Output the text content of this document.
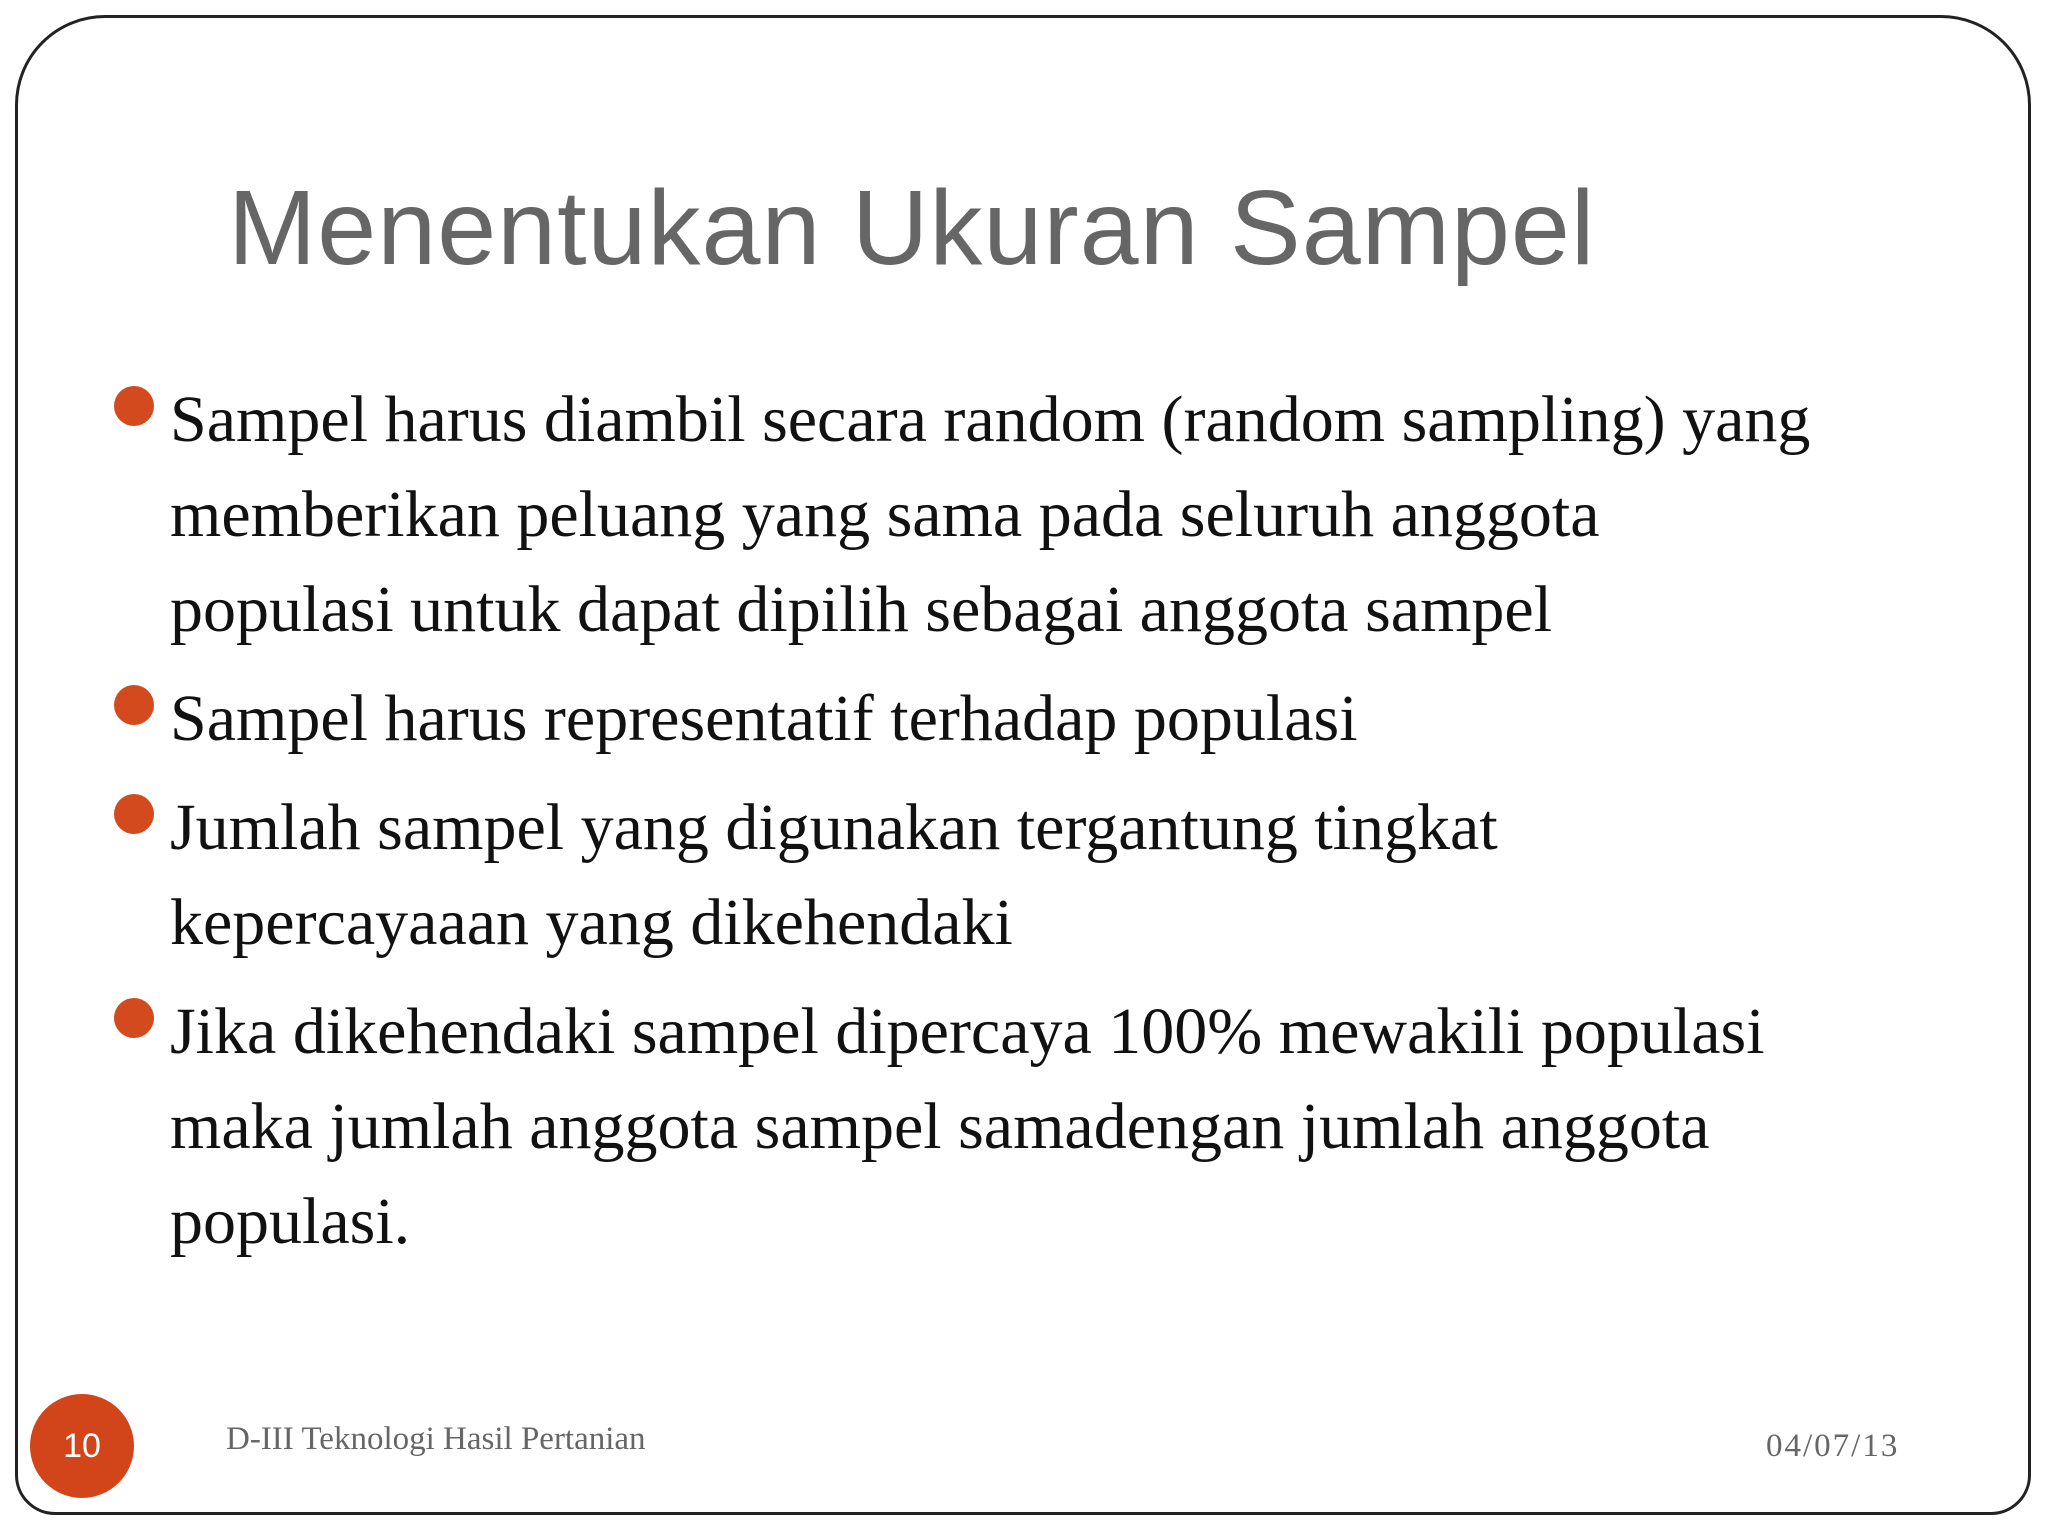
Menentukan Ukuran Sampel
Sampel harus diambil secara random (random sampling) yang
memberikan peluang yang sama pada seluruh anggota
populasi untuk dapat dipilih sebagai anggota sampel
Sampel harus representatif terhadap populasi
Jumlah sampel yang digunakan tergantung tingkat
kepercayaaan yang dikehendaki
Jika dikehendaki sampel dipercaya 100% mewakili populasi
maka jumlah anggota sampel samadengan jumlah anggota
populasi.
10	D-III Teknologi Hasil Pertanian	04/07/13
